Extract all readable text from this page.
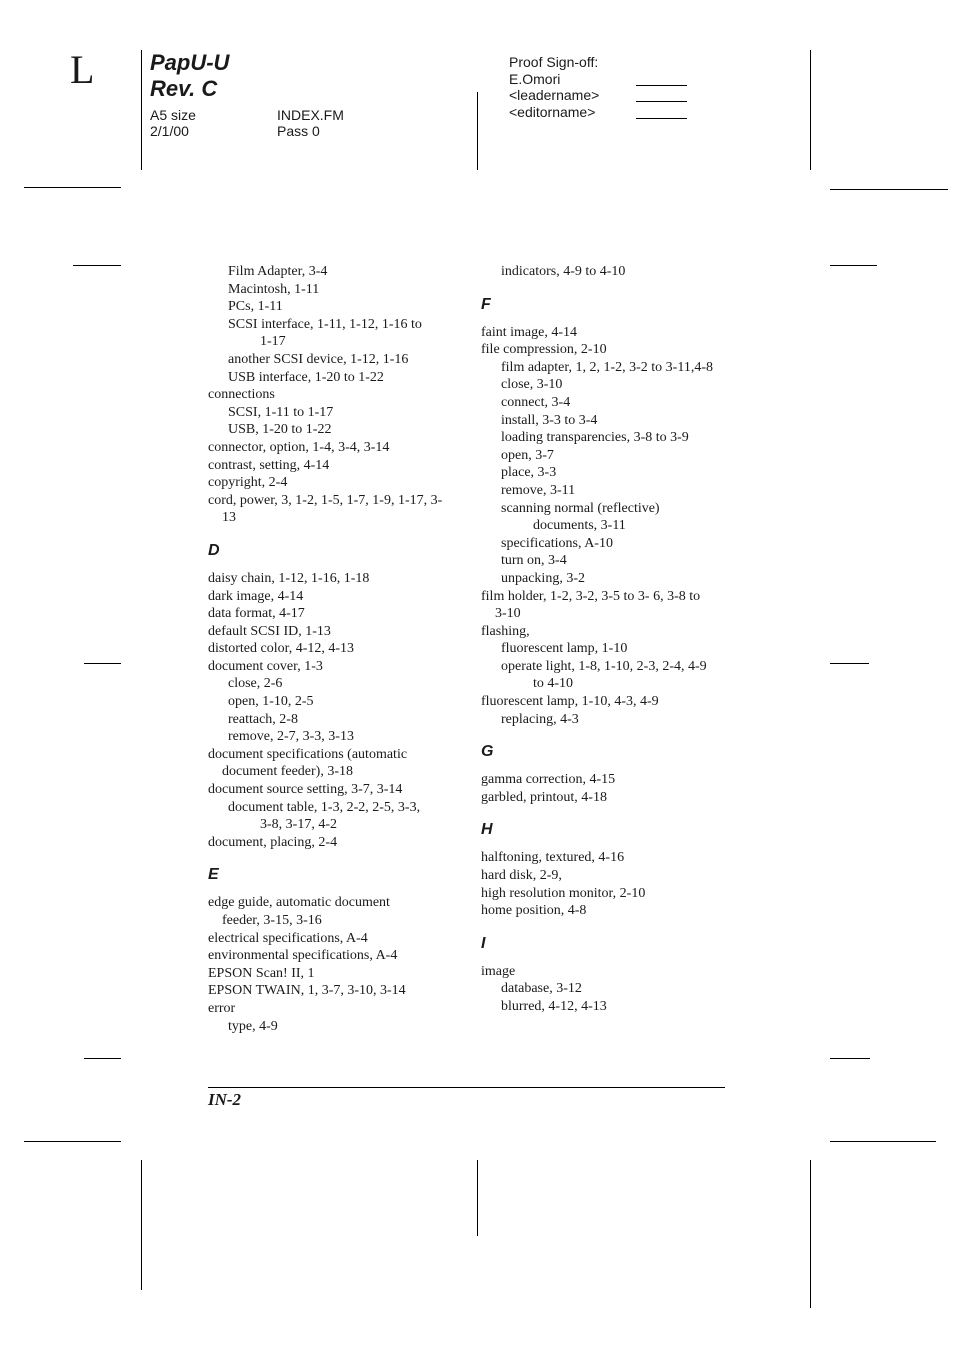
L	PapU-U
Rev. C
A5 size
2/1/00
INDEX.FM
Pass 0
Proof Sign-off:
E.Omori
<leadername>
<editorname>
Film Adapter, 3-4
Macintosh, 1-11
PCs, 1-11
SCSI interface, 1-11, 1-12, 1-16 to
1-17
another SCSI device, 1-12, 1-16
USB interface, 1-20 to 1-22
connections
SCSI, 1-11 to 1-17
USB, 1-20 to 1-22
connector, option, 1-4, 3-4, 3-14
contrast, setting, 4-14
copyright, 2-4
cord, power, 3, 1-2, 1-5, 1-7, 1-9, 1-17, 3-
13
D
daisy chain, 1-12, 1-16, 1-18
dark image, 4-14
data format, 4-17
default SCSI ID, 1-13
distorted color, 4-12, 4-13
document cover, 1-3
close, 2-6
open, 1-10, 2-5
reattach, 2-8
remove, 2-7, 3-3, 3-13
document specifications (automatic
document feeder), 3-18
document source setting, 3-7, 3-14
document table, 1-3, 2-2, 2-5, 3-3,
3-8, 3-17, 4-2
document, placing, 2-4
E
edge guide, automatic document
feeder, 3-15, 3-16
electrical specifications, A-4
environmental specifications, A-4
EPSON Scan! II, 1
EPSON TWAIN, 1, 3-7, 3-10, 3-14
error
type, 4-9
indicators, 4-9 to 4-10
F
faint image, 4-14
file compression, 2-10
film adapter, 1, 2, 1-2, 3-2 to 3-11,4-8
close, 3-10
connect, 3-4
install, 3-3 to 3-4
loading transparencies, 3-8 to 3-9
open, 3-7
place, 3-3
remove, 3-11
scanning normal (reflective)
documents, 3-11
specifications, A-10
turn on, 3-4
unpacking, 3-2
film holder, 1-2, 3-2, 3-5 to 3- 6, 3-8 to
3-10
flashing,
fluorescent lamp, 1-10
operate light, 1-8, 1-10, 2-3, 2-4, 4-9
to 4-10
fluorescent lamp, 1-10, 4-3, 4-9
replacing, 4-3
G
gamma correction, 4-15
garbled, printout, 4-18
H
halftoning, textured, 4-16
hard disk, 2-9,
high resolution monitor, 2-10
home position, 4-8
I
image
database, 3-12
blurred, 4-12, 4-13
IN-2
